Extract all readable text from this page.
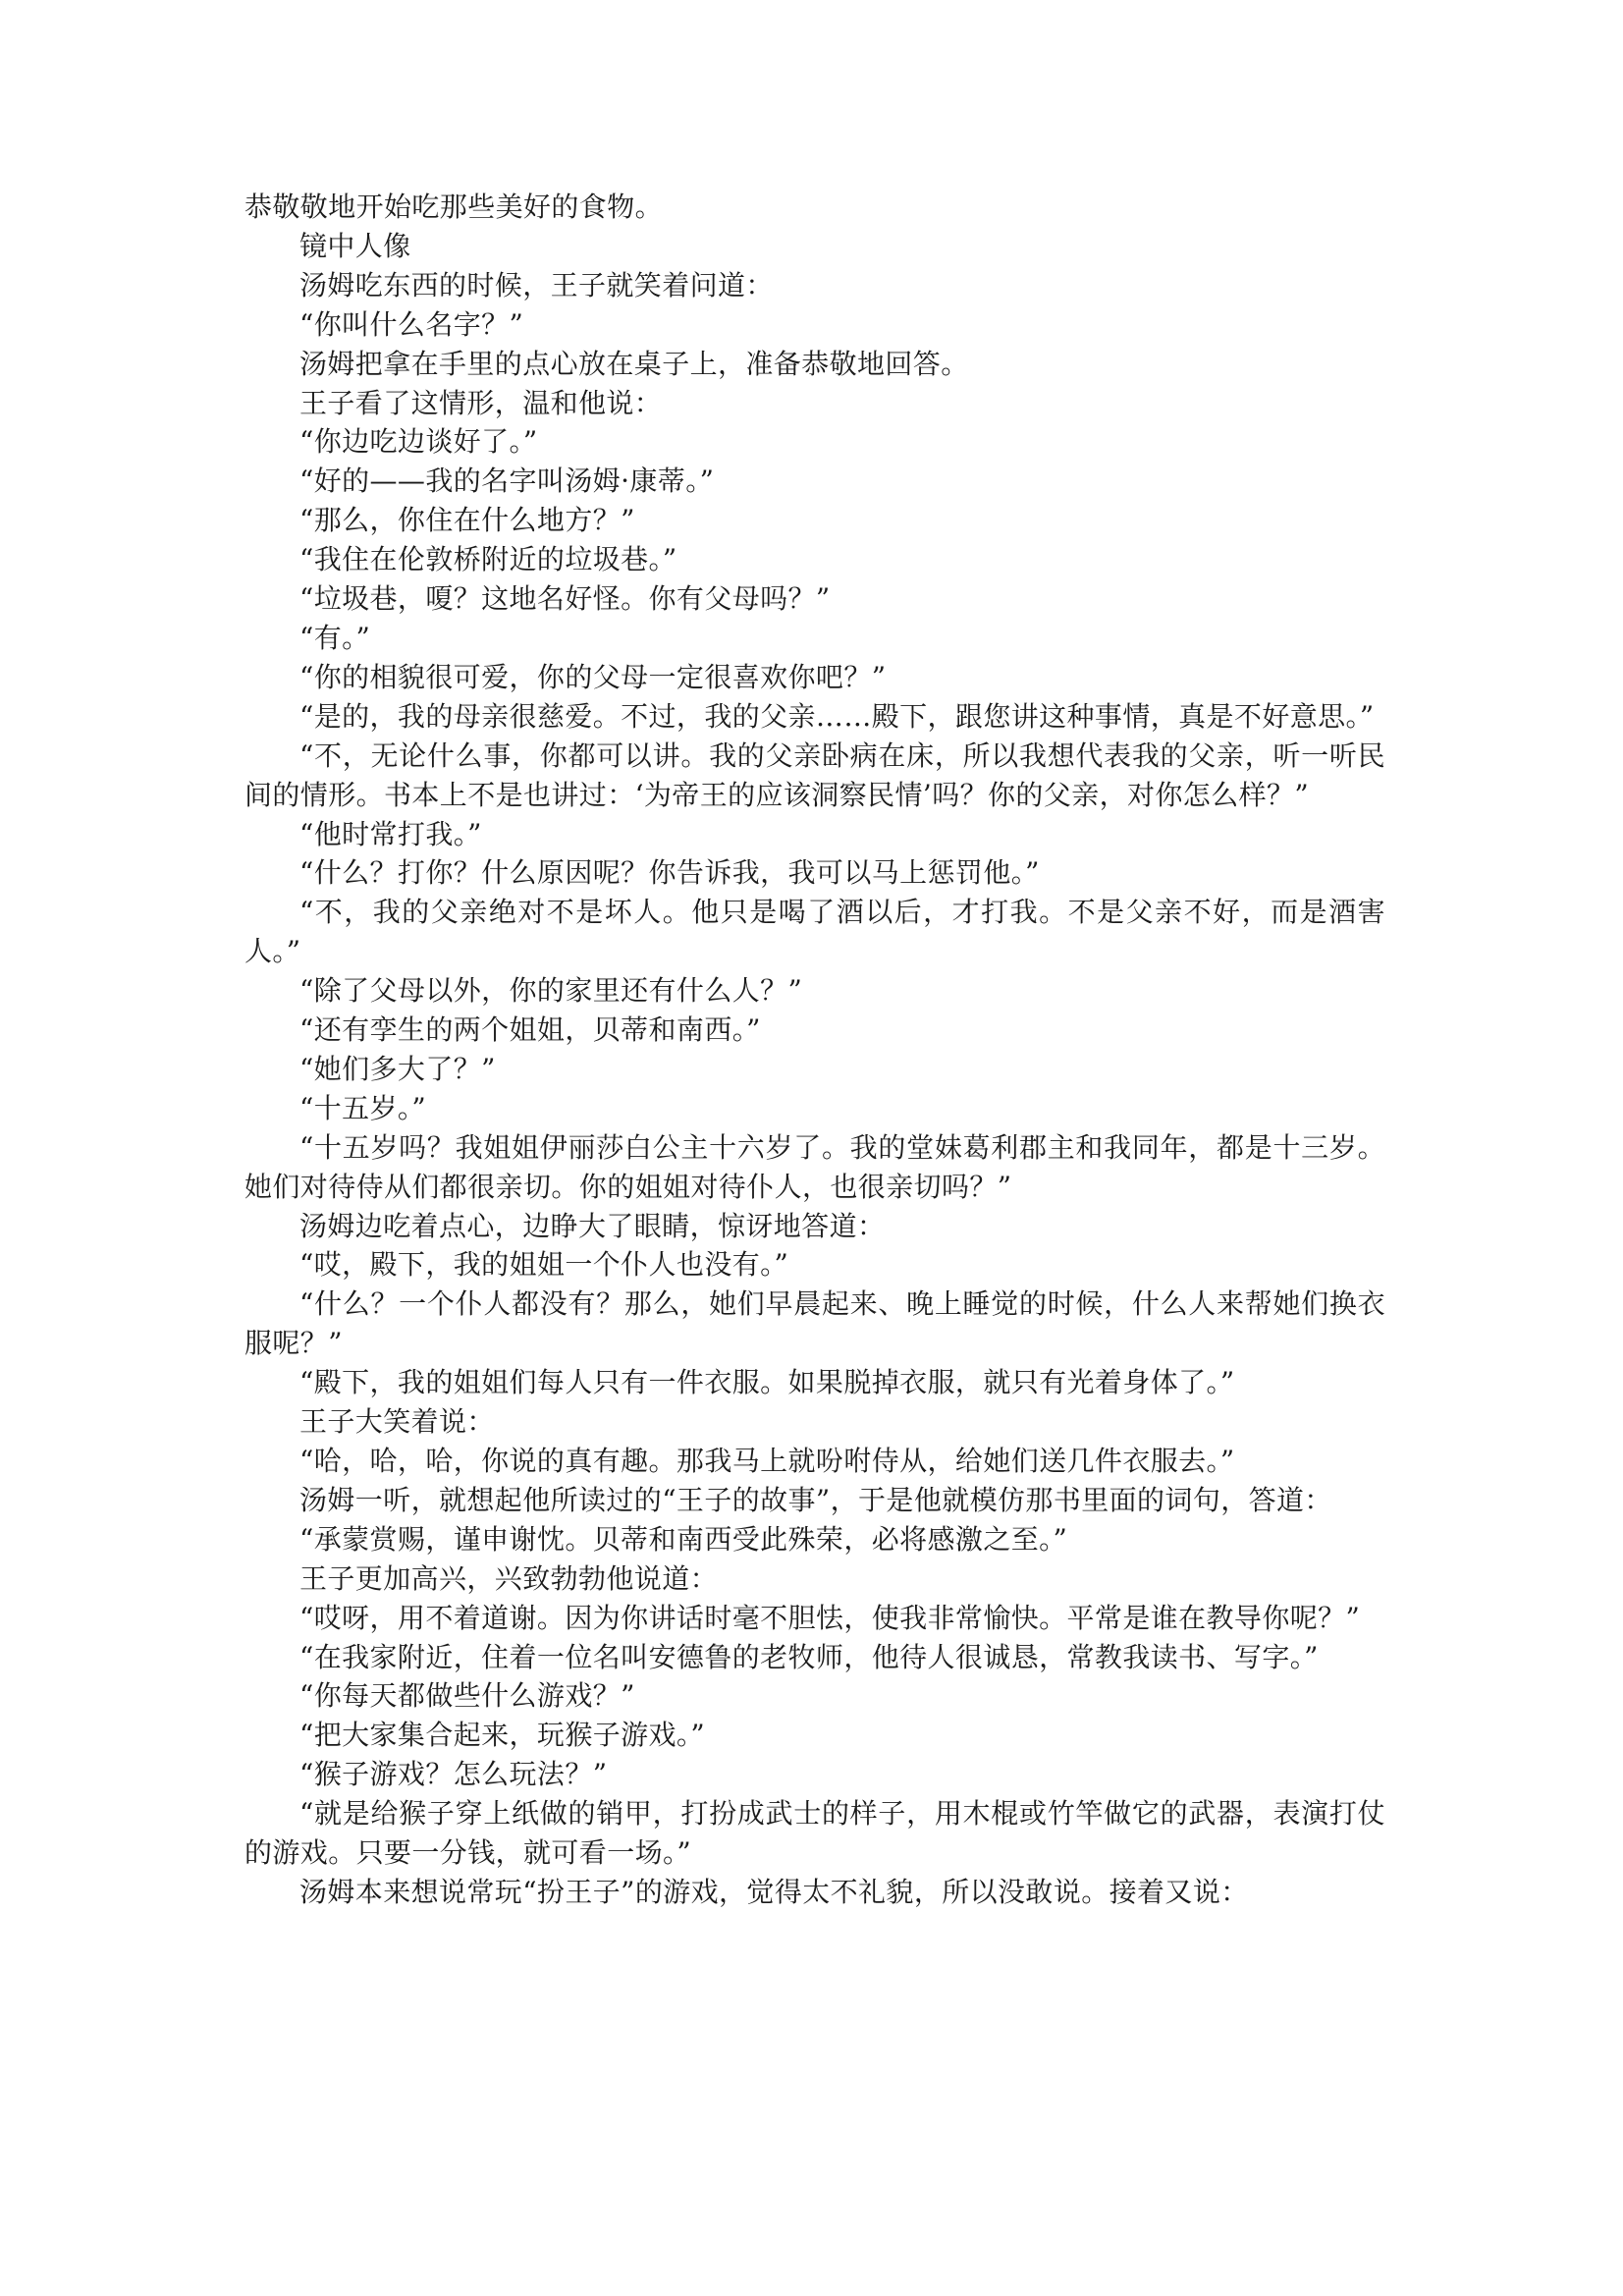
恭敬敬地开始吃那些美好的食物。

镜中人像

汤姆吃东西的时候，王子就笑着问道：

“你叫什么名字？”

汤姆把拿在手里的点心放在桌子上，准备恭敬地回答。

王子看了这情形，温和他说：

“你边吃边谈好了。”

“好的——我的名字叫汤姆·康蒂。”

“那么，你住在什么地方？”

“我住在伦敦桥附近的垃圾巷。”

“垃圾巷，嗄？这地名好怪。你有父母吗？”

“有。”

“你的相貌很可爱，你的父母一定很喜欢你吧？”

“是的，我的母亲很慈爱。不过，我的父亲……殿下，跟您讲这种事情，真是不好意思。”

“不，无论什么事，你都可以讲。我的父亲卧病在床，所以我想代表我的父亲，听一听民间的情形。书本上不是也讲过：‘为帝王的应该洞察民情’吗？你的父亲，对你怎么样？”

“他时常打我。”

“什么？打你？什么原因呢？你告诉我，我可以马上惩罚他。”

“不，我的父亲绝对不是坏人。他只是喝了酒以后，才打我。不是父亲不好，而是酒害人。”

“除了父母以外，你的家里还有什么人？”

“还有孪生的两个姐姐，贝蒂和南西。”

“她们多大了？”

“十五岁。”

“十五岁吗？我姐姐伊丽莎白公主十六岁了。我的堂妹葛利郡主和我同年，都是十三岁。她们对待侍从们都很亲切。你的姐姐对待仆人，也很亲切吗？”

汤姆边吃着点心，边睁大了眼睛，惊讶地答道：

“哎，殿下，我的姐姐一个仆人也没有。”

“什么？一个仆人都没有？那么，她们早晨起来、晚上睡觉的时候，什么人来帮她们换衣服呢？”

“殿下，我的姐姐们每人只有一件衣服。如果脱掉衣服，就只有光着身体了。”

王子大笑着说：

“哈，哈，哈，你说的真有趣。那我马上就吩咐侍从，给她们送几件衣服去。”

汤姆一听，就想起他所读过的“王子的故事”，于是他就模仿那书里面的词句，答道：

“承蒙赏赐，谨申谢忱。贝蒂和南西受此殊荣，必将感激之至。”

王子更加高兴，兴致勃勃他说道：

“哎呀，用不着道谢。因为你讲话时毫不胆怯，使我非常愉快。平常是谁在教导你呢？”

“在我家附近，住着一位名叫安德鲁的老牧师，他待人很诚恳，常教我读书、写字。”

“你每天都做些什么游戏？”

“把大家集合起来，玩猴子游戏。”

“猴子游戏？怎么玩法？”

“就是给猴子穿上纸做的销甲，打扮成武士的样子，用木棍或竹竿做它的武器，表演打仗的游戏。只要一分钱，就可看一场。”

汤姆本来想说常玩“扮王子”的游戏，觉得太不礼貌，所以没敢说。接着又说：
